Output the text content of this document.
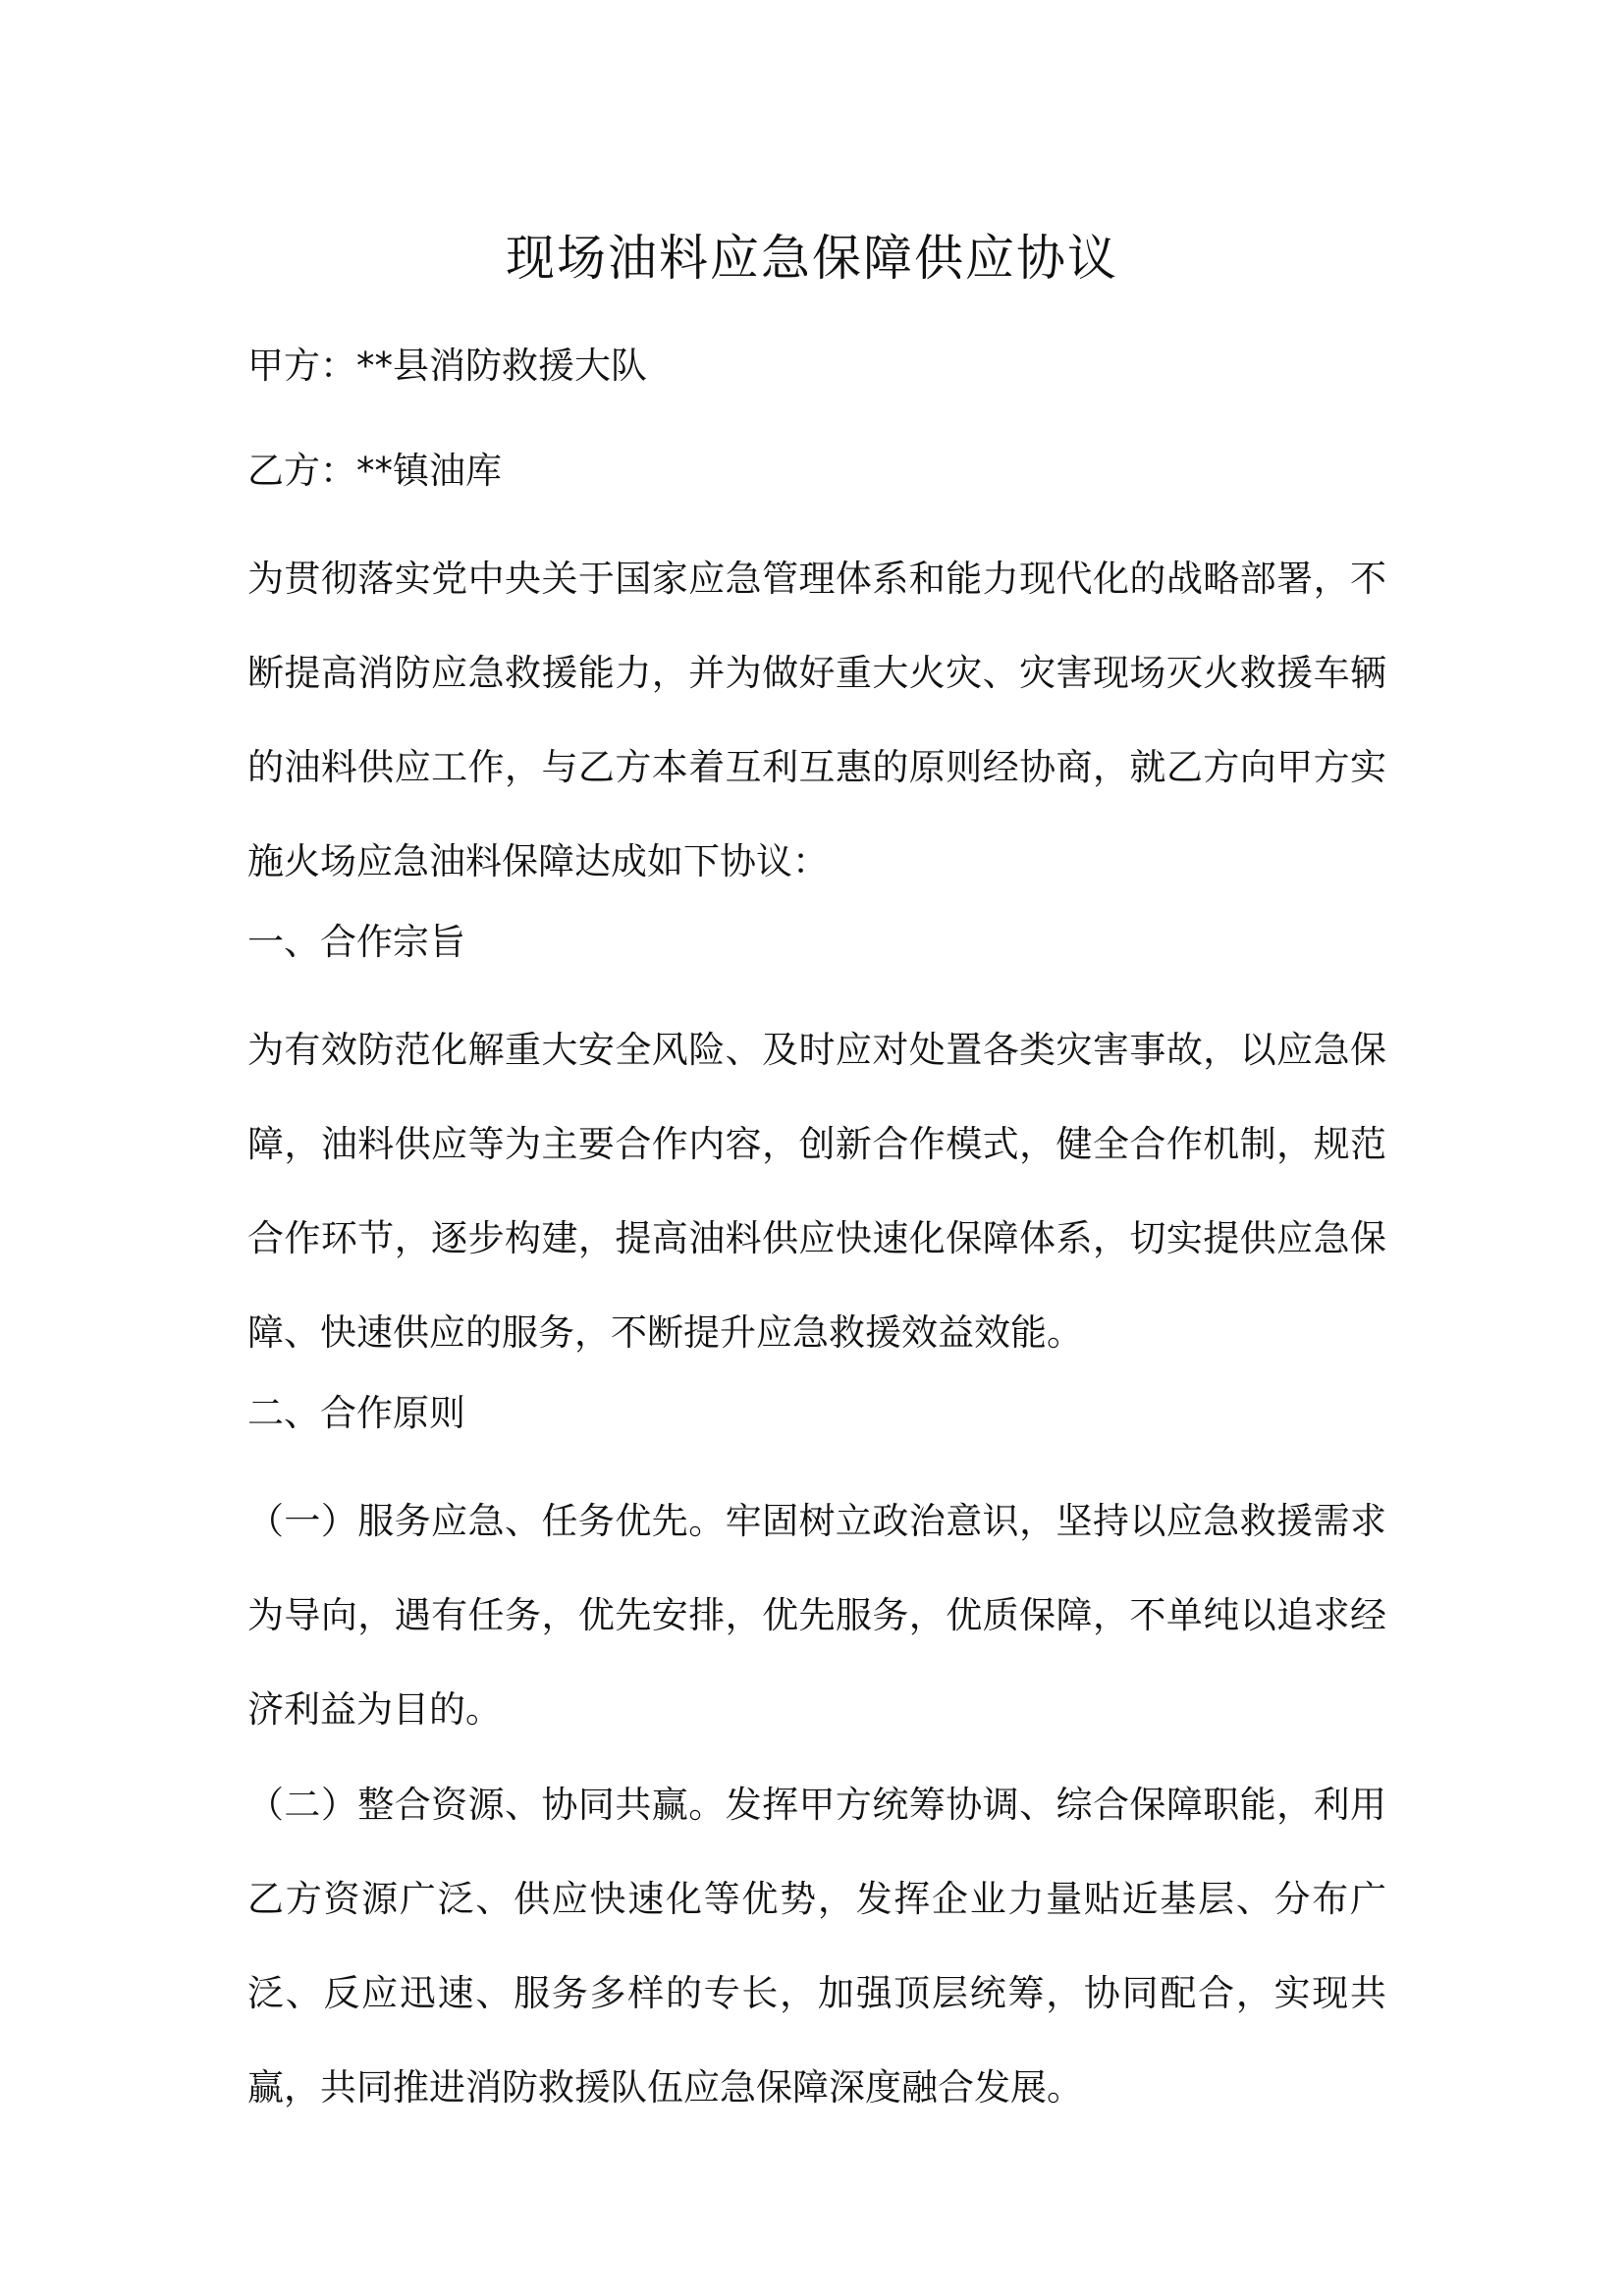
现场油料应急保障供应协议

甲方：**县消防救援大队

乙方：**镇油库

为贯彻落实党中央关于国家应急管理体系和能力现代化的战略部署，不断提高消防应急救援能力，并为做好重大火灾、灾害现场灭火救援车辆的油料供应工作，与乙方本着互利互惠的原则经协商，就乙方向甲方实施火场应急油料保障达成如下协议：

一、合作宗旨

为有效防范化解重大安全风险、及时应对处置各类灾害事故，以应急保障，油料供应等为主要合作内容，创新合作模式，健全合作机制，规范合作环节，逐步构建，提高油料供应快速化保障体系，切实提供应急保障、快速供应的服务，不断提升应急救援效益效能。

二、合作原则

（一）服务应急、任务优先。牢固树立政治意识，坚持以应急救援需求为导向，遇有任务，优先安排，优先服务，优质保障，不单纯以追求经济利益为目的。

（二）整合资源、协同共赢。发挥甲方统筹协调、综合保障职能，利用乙方资源广泛、供应快速化等优势，发挥企业力量贴近基层、分布广泛、反应迅速、服务多样的专长，加强顶层统筹，协同配合，实现共赢，共同推进消防救援队伍应急保障深度融合发展。
